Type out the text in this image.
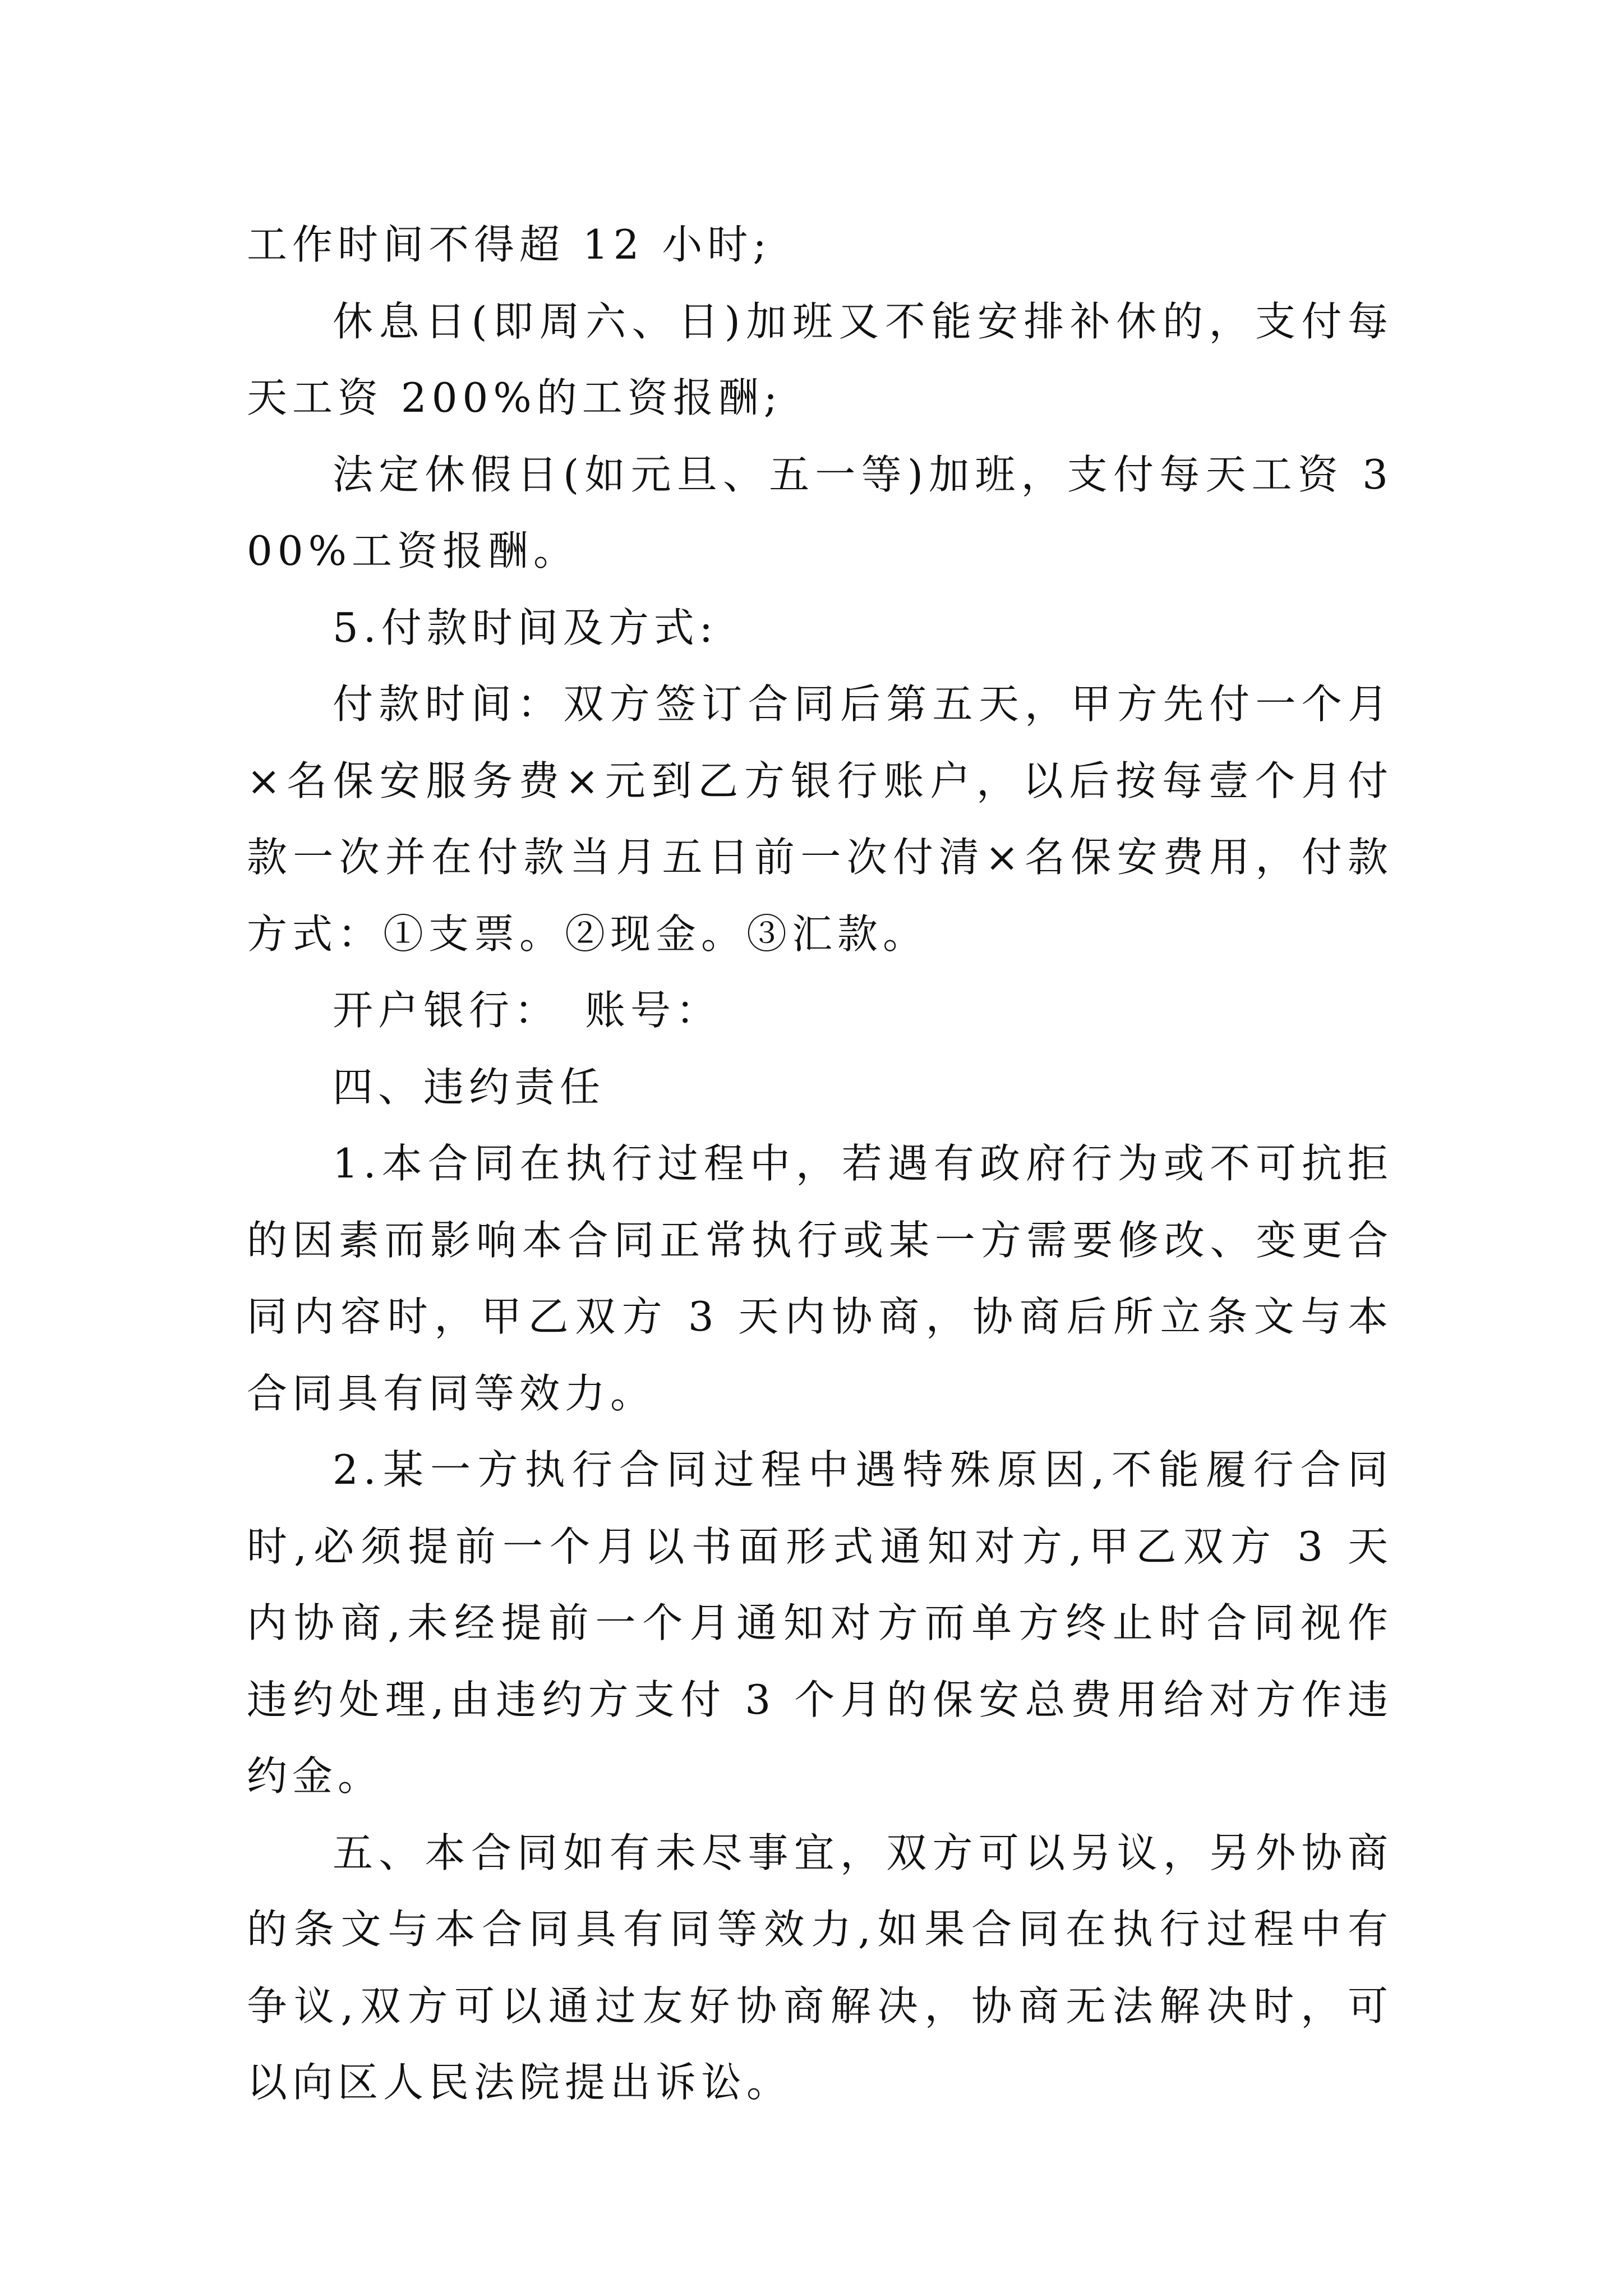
工作时间不得超 12 小时;

休息日(即周六、日)加班又不能安排补休的，支付每天工资 200%的工资报酬;

法定休假日(如元旦、五一等)加班，支付每天工资 300%工资报酬。

5.付款时间及方式:

付款时间：双方签订合同后第五天，甲方先付一个月×名保安服务费×元到乙方银行账户，以后按每壹个月付款一次并在付款当月五日前一次付清×名保安费用，付款方式：①支票。②现金。③汇款。

开户银行：　账号：

四、违约责任

1.本合同在执行过程中，若遇有政府行为或不可抗拒的因素而影响本合同正常执行或某一方需要修改、变更合同内容时，甲乙双方 3 天内协商，协商后所立条文与本合同具有同等效力。

2.某一方执行合同过程中遇特殊原因,不能履行合同时,必须提前一个月以书面形式通知对方,甲乙双方 3 天内协商,未经提前一个月通知对方而单方终止时合同视作违约处理,由违约方支付 3 个月的保安总费用给对方作违约金。

五、本合同如有未尽事宜，双方可以另议，另外协商的条文与本合同具有同等效力,如果合同在执行过程中有争议,双方可以通过友好协商解决，协商无法解决时，可以向区人民法院提出诉讼。
